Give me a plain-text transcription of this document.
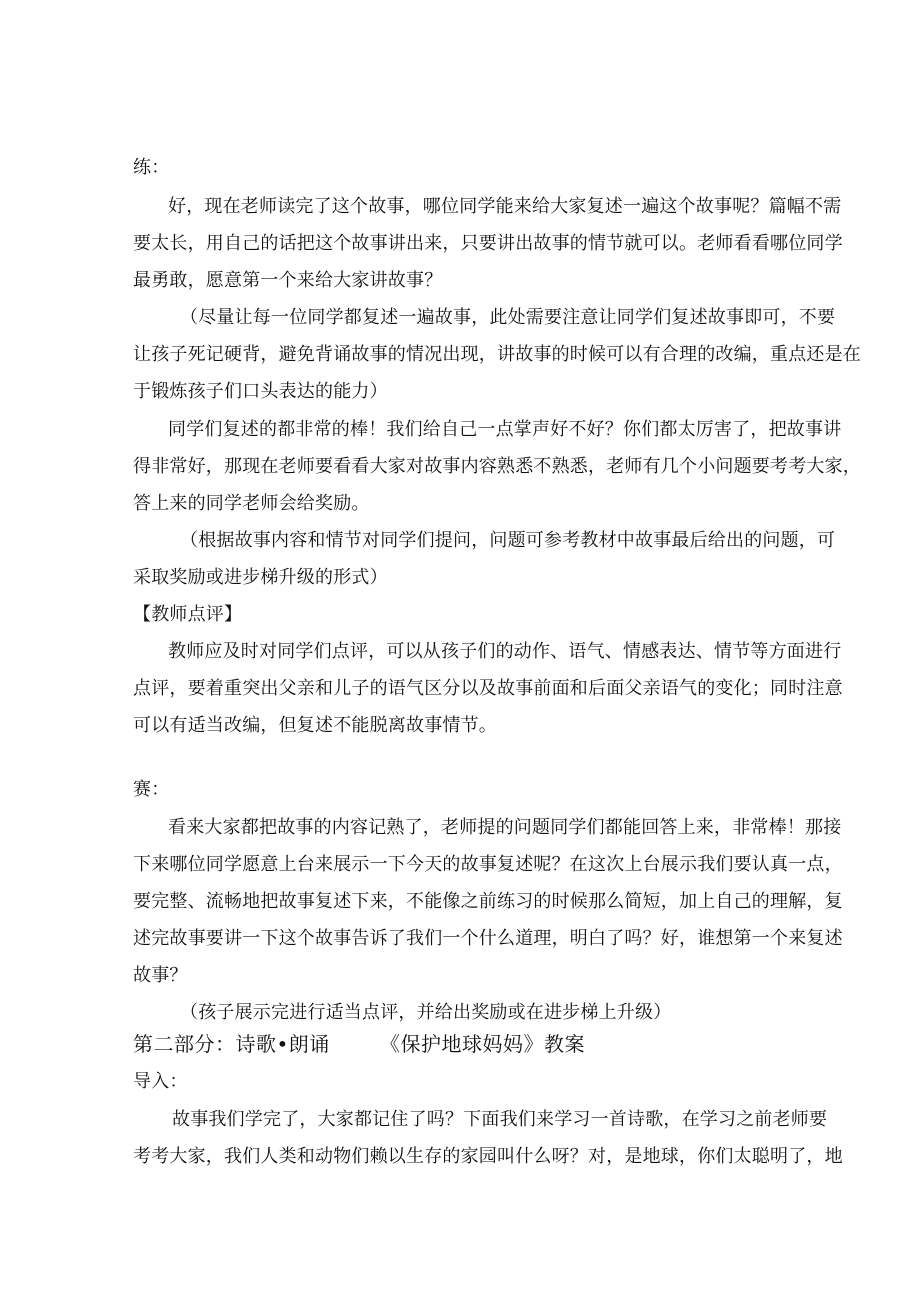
练：
好，现在老师读完了这个故事，哪位同学能来给大家复述一遍这个故事呢？篇幅不需
要太长，用自己的话把这个故事讲出来，只要讲出故事的情节就可以。老师看看哪位同学
最勇敢，愿意第一个来给大家讲故事？
（尽量让每一位同学都复述一遍故事，此处需要注意让同学们复述故事即可，不要
让孩子死记硬背，避免背诵故事的情况出现，讲故事的时候可以有合理的改编，重点还是在
于锻炼孩子们口头表达的能力）
同学们复述的都非常的棒！我们给自己一点掌声好不好？你们都太厉害了，把故事讲
得非常好，那现在老师要看看大家对故事内容熟悉不熟悉，老师有几个小问题要考考大家，
答上来的同学老师会给奖励。
（根据故事内容和情节对同学们提问，问题可参考教材中故事最后给出的问题，可
采取奖励或进步梯升级的形式）
【教师点评】
教师应及时对同学们点评，可以从孩子们的动作、语气、情感表达、情节等方面进行
点评，要着重突出父亲和儿子的语气区分以及故事前面和后面父亲语气的变化；同时注意
可以有适当改编，但复述不能脱离故事情节。
赛：
看来大家都把故事的内容记熟了，老师提的问题同学们都能回答上来，非常棒！那接
下来哪位同学愿意上台来展示一下今天的故事复述呢？在这次上台展示我们要认真一点，
要完整、流畅地把故事复述下来，不能像之前练习的时候那么简短，加上自己的理解，复
述完故事要讲一下这个故事告诉了我们一个什么道理，明白了吗？好，谁想第一个来复述
故事？
（孩子展示完进行适当点评，并给出奖励或在进步梯上升级）
第二部分：诗歌•朗诵	《保护地球妈妈》教案
导入：
故事我们学完了，大家都记住了吗？下面我们来学习一首诗歌，在学习之前老师要
考考大家，我们人类和动物们赖以生存的家园叫什么呀？对，是地球，你们太聪明了，地
